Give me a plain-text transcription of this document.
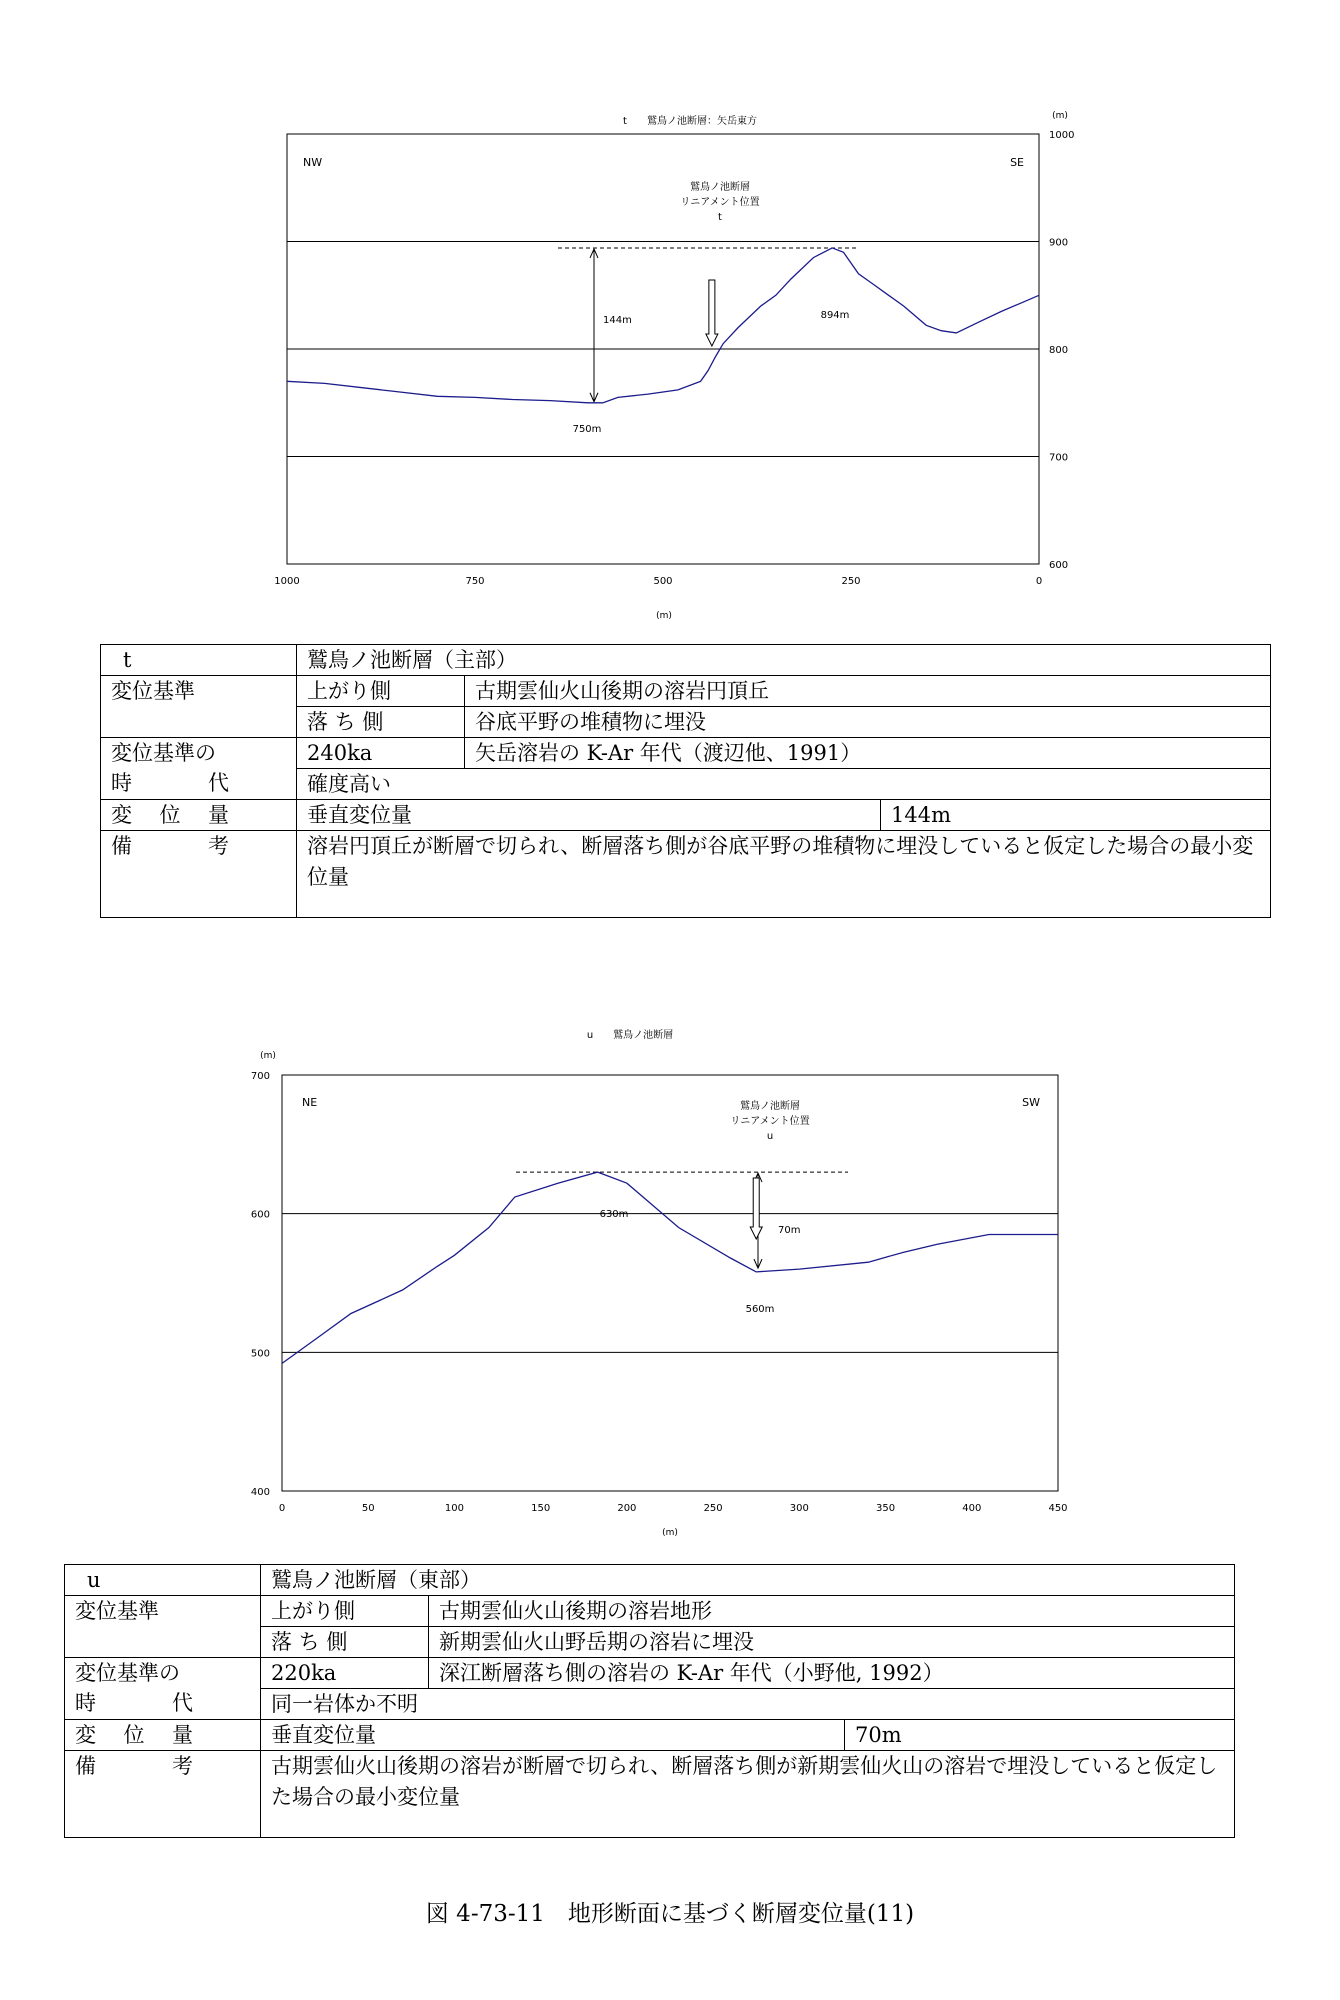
t　　鷲鳥ノ池断層：矢岳東方	(m)
1000
900
800
700
600
1000	750	500	250	0
(m)
NW	SE
鷲鳥ノ池断層
リニアメント位置
t
144m	894m
750m
t	鷲鳥ノ池断層（主部）		
変位基準	上がり側	古期雲仙火山後期の溶岩円頂丘	
	落 ち 側	谷底平野の堆積物に埋没	

変位基準の
時　 代	240ka	矢岳溶岩の K-Ar 年代（渡辺他、1991）	
	確度高い		

変　 位　 量	垂直変位量		144m

備　 考	溶岩円頂丘が断層で切られ、断層落ち側が谷底平野の堆積物に埋没していると仮定した場合の最小変位量		
u　　鷲鳥ノ池断層
(m)
700
600
500
400
0	50	100	150	200	250	300	350	400	450
(m)
NE	SW
鷲鳥ノ池断層
リニアメント位置
u
70m
630m
560m
u	鷲鳥ノ池断層（東部）		
変位基準	上がり側	古期雲仙火山後期の溶岩地形	
	落 ち 側	新期雲仙火山野岳期の溶岩に埋没	

変位基準の
時　 代	220ka	深江断層落ち側の溶岩の K-Ar 年代（小野他, 1992）	
	同一岩体か不明		

変　 位　 量	垂直変位量		70m

備　 考	古期雲仙火山後期の溶岩が断層で切られ、断層落ち側が新期雲仙火山の溶岩で埋没していると仮定した場合の最小変位量		
図 4-73-11　地形断面に基づく断層変位量(11)
